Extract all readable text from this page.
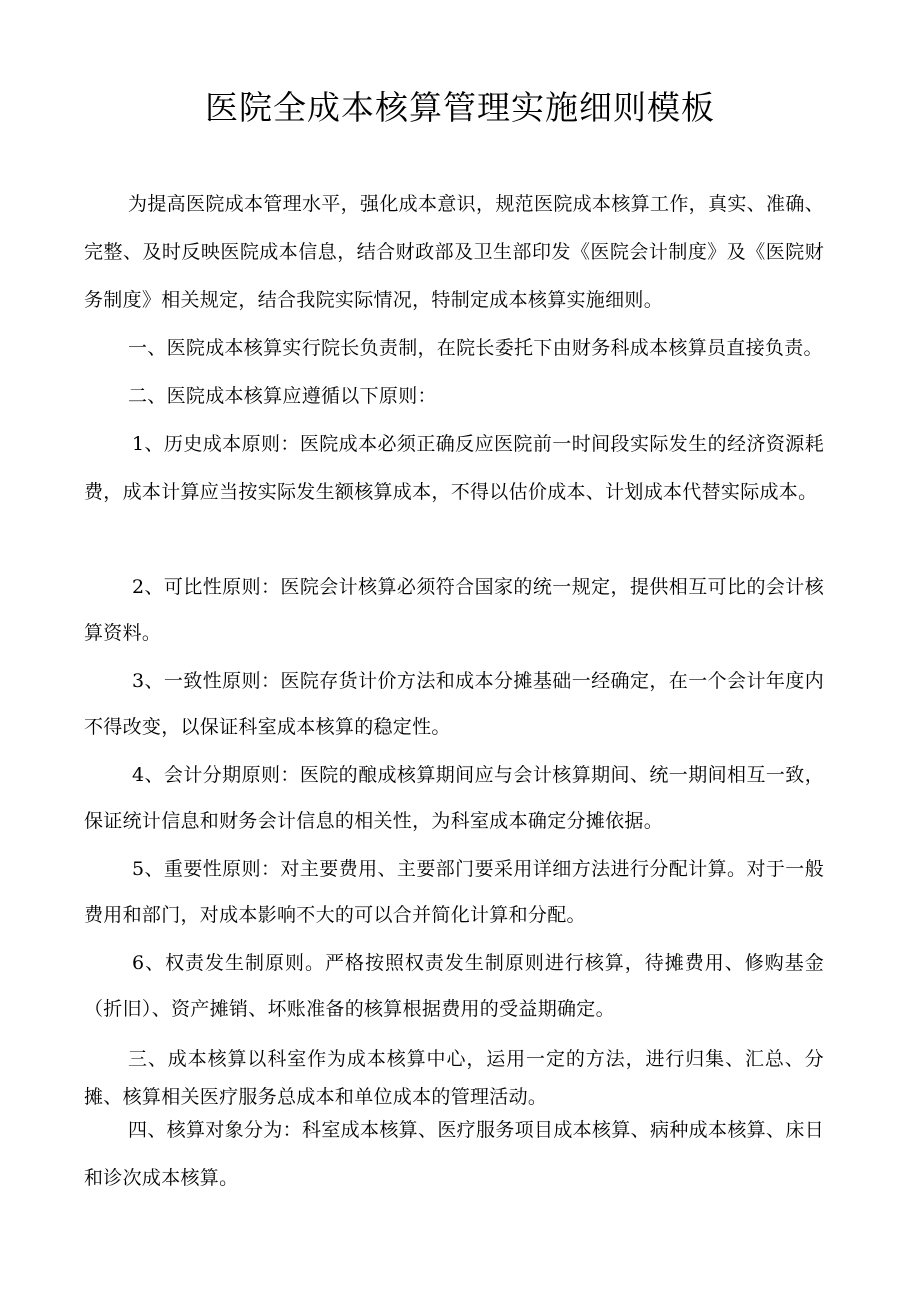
医院全成本核算管理实施细则模板

为提高医院成本管理水平，强化成本意识，规范医院成本核算工作，真实、准确、完整、及时反映医院成本信息，结合财政部及卫生部印发《医院会计制度》及《医院财务制度》相关规定，结合我院实际情况，特制定成本核算实施细则。

一、医院成本核算实行院长负责制，在院长委托下由财务科成本核算员直接负责。

二、医院成本核算应遵循以下原则：

1、历史成本原则：医院成本必须正确反应医院前一时间段实际发生的经济资源耗费，成本计算应当按实际发生额核算成本，不得以估价成本、计划成本代替实际成本。

2、可比性原则：医院会计核算必须符合国家的统一规定，提供相互可比的会计核算资料。

3、一致性原则：医院存货计价方法和成本分摊基础一经确定，在一个会计年度内不得改变，以保证科室成本核算的稳定性。

4、会计分期原则：医院的酿成核算期间应与会计核算期间、统一期间相互一致，保证统计信息和财务会计信息的相关性，为科室成本确定分摊依据。

5、重要性原则：对主要费用、主要部门要采用详细方法进行分配计算。对于一般费用和部门，对成本影响不大的可以合并简化计算和分配。

6、权责发生制原则。严格按照权责发生制原则进行核算，待摊费用、修购基金（折旧）、资产摊销、坏账准备的核算根据费用的受益期确定。

三、成本核算以科室作为成本核算中心，运用一定的方法，进行归集、汇总、分摊、核算相关医疗服务总成本和单位成本的管理活动。

四、核算对象分为：科室成本核算、医疗服务项目成本核算、病种成本核算、床日和诊次成本核算。
